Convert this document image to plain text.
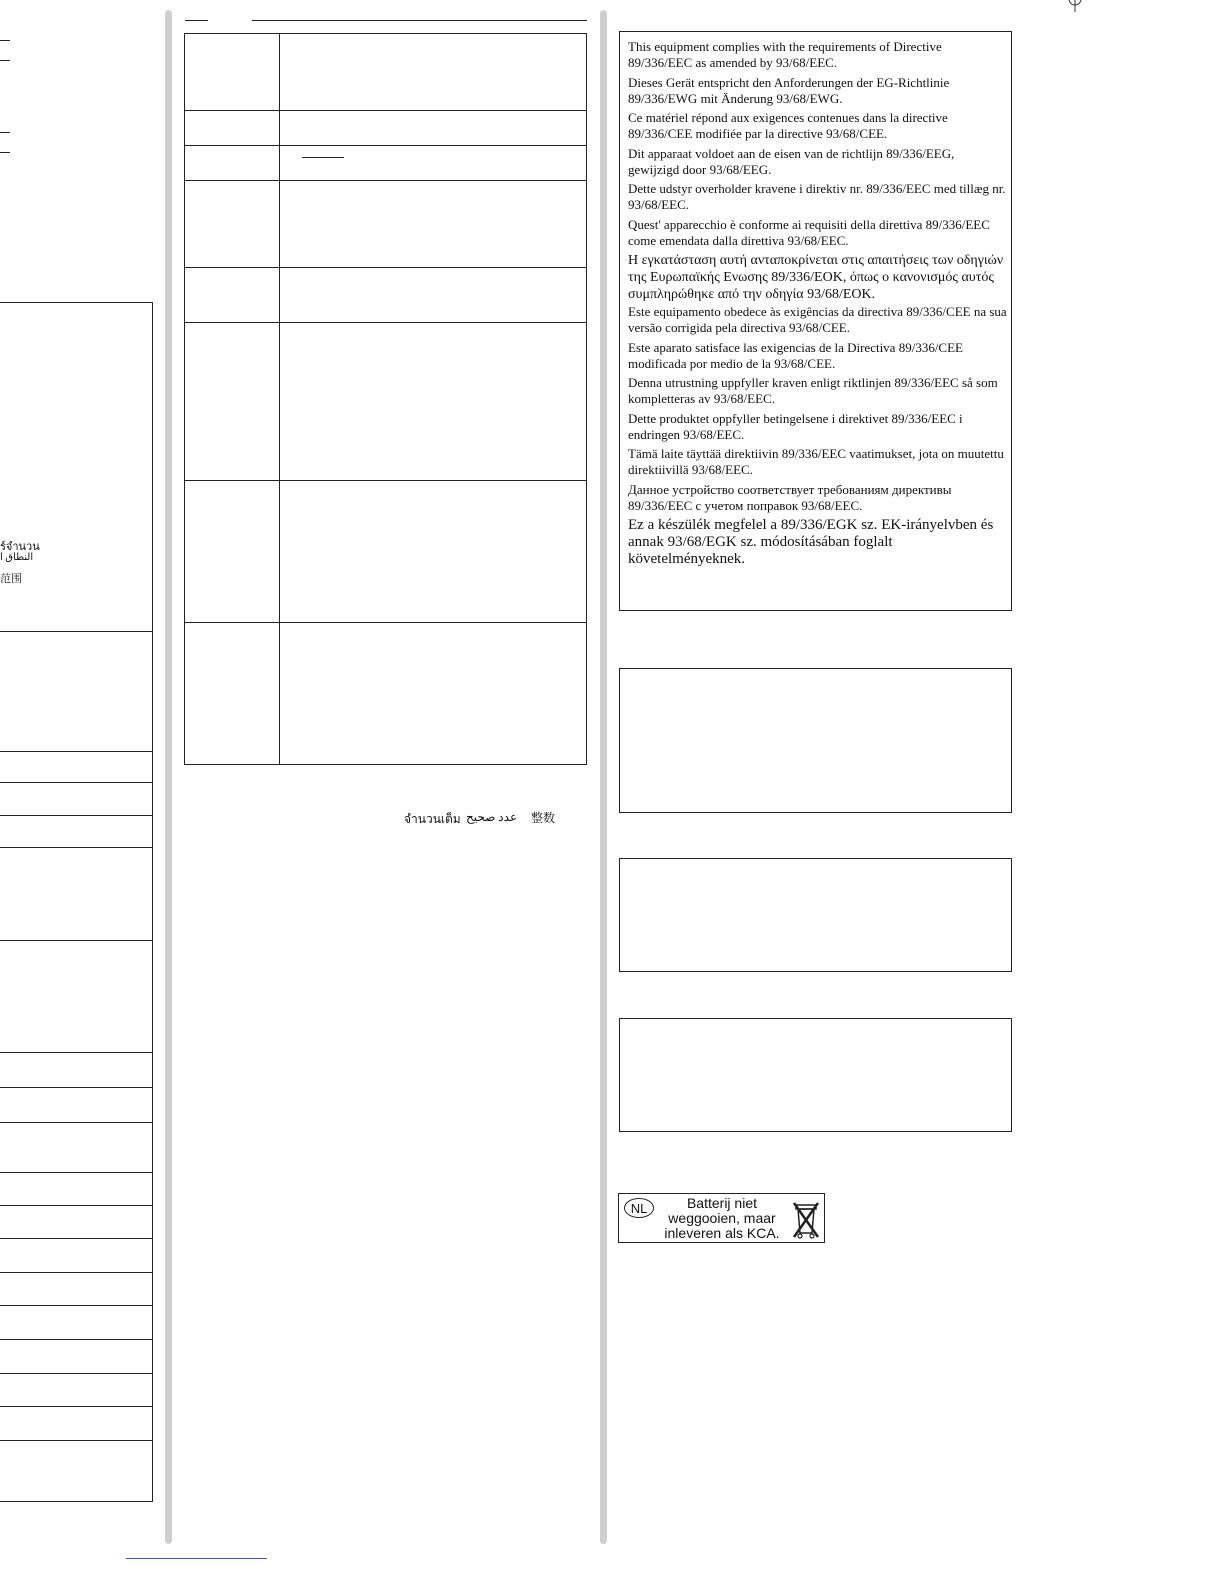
ร์จำนวน
النطاق ا
范围
จำนวนเต็ม عدد صحيح 整数
This equipment complies with the requirements of Directive 89/336/EEC as amended by 93/68/EEC.
Dieses Gerät entspricht den Anforderungen der EG-Richtlinie 89/336/EWG mit Änderung 93/68/EWG.
Ce matériel répond aux exigences contenues dans la directive 89/336/CEE modifiée par la directive 93/68/CEE.
Dit apparaat voldoet aan de eisen van de richtlijn 89/336/EEG, gewijzigd door 93/68/EEG.
Dette udstyr overholder kravene i direktiv nr. 89/336/EEC med tillæg nr. 93/68/EEC.
Quest' apparecchio è conforme ai requisiti della direttiva 89/336/EEC come emendata dalla direttiva 93/68/EEC.
Η εγκατάσταση αυτή ανταποκρίνεται στις απαιτήσεις των οδηγιών της Ευρωπαϊκής Ενωσης 89/336/ΕΟΚ, όπως ο κανονισμός αυτός συμπληρώθηκε από την οδηγία 93/68/ΕΟΚ.
Este equipamento obedece às exigências da directiva 89/336/CEE na sua versão corrigida pela directiva 93/68/CEE.
Este aparato satisface las exigencias de la Directiva 89/336/CEE modificada por medio de la 93/68/CEE.
Denna utrustning uppfyller kraven enligt riktlinjen 89/336/EEC så som kompletteras av 93/68/EEC.
Dette produktet oppfyller betingelsene i direktivet 89/336/EEC i endringen 93/68/EEC.
Tämä laite täyttää direktiivin 89/336/EEC vaatimukset, jota on muutettu direktiivillä 93/68/EEC.
Данное устройство соответствует требованиям директивы 89/336/EEC с учетом поправок 93/68/EEC.
Ez a készülék megfelel a 89/336/EGK sz. EK-irányelvben és annak 93/68/EGK sz. módosításában foglalt követelményeknek.
NL	Batterij niet
weggooien, maar
inleveren als KCA.
